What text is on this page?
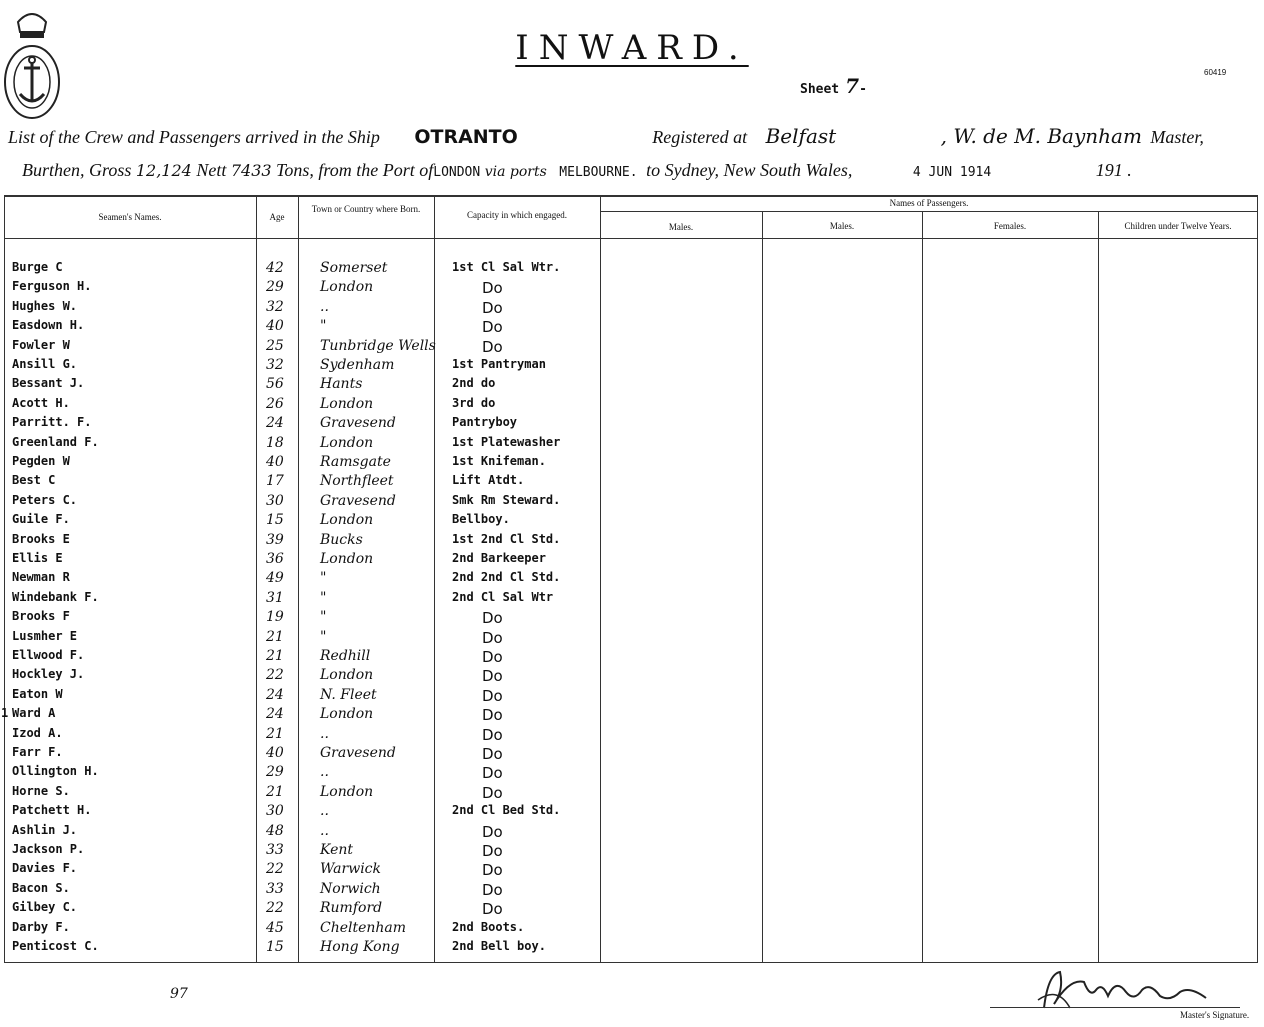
INWARD.
Sheet 7-
60419
List of the Crew and Passengers arrived in the Ship OTRANTO	Registered at Belfast	, W. de M. Baynham Master,
Burthen, Gross 12,124 Nett 7433 Tons, from the Port ofLONDON via ports MELBOURNE. to Sydney, New South Wales,	4 JUN 1914	191 .
Seamen's Names.	Age
Town or Country where Born.
Capacity in which engaged.
Names of Passengers.
Males.	Males.	Females.	Children under Twelve Years.
Burge C	42	Somerset	1st Cl Sal Wtr.
Ferguson H.	29	London	Do
Hughes W.	32	..	Do
Easdown H.	40	"	Do
Fowler W	25	Tunbridge Wells	Do
Ansill G.	32	Sydenham	1st Pantryman
Bessant J.	56	Hants	2nd do
Acott H.	26	London	3rd do
Parritt. F.	24	Gravesend	Pantryboy
Greenland F.	18	London	1st Platewasher
Pegden W	40	Ramsgate	1st Knifeman.
Best C	17	Northfleet	Lift Atdt.
Peters C.	30	Gravesend	Smk Rm Steward.
Guile F.	15	London	Bellboy.
Brooks E	39	Bucks	1st 2nd Cl Std.
Ellis E	36	London	2nd Barkeeper
Newman R	49	"	2nd 2nd Cl Std.
Windebank F.	31	"	2nd Cl Sal Wtr
Brooks F	19	"	Do
Lusmher E	21	"	Do
Ellwood F.	21	Redhill	Do
Hockley J.	22	London	Do
Eaton W	24	N. Fleet	Do
Ward A	24	London	Do
Izod A.	21	..	Do
Farr F.	40	Gravesend	Do
Ollington H.	29	..	Do
Horne S.	21	London	Do
Patchett H.	30	..	2nd Cl Bed Std.
Ashlin J.	48	..	Do
Jackson P.	33	Kent	Do
Davies F.	22	Warwick	Do
Bacon S.	33	Norwich	Do
Gilbey C.	22	Rumford	Do
Darby F.	45	Cheltenham	2nd Boots.
Penticost C.	15	Hong Kong	2nd Bell boy.
1
97
Master's Signature.
